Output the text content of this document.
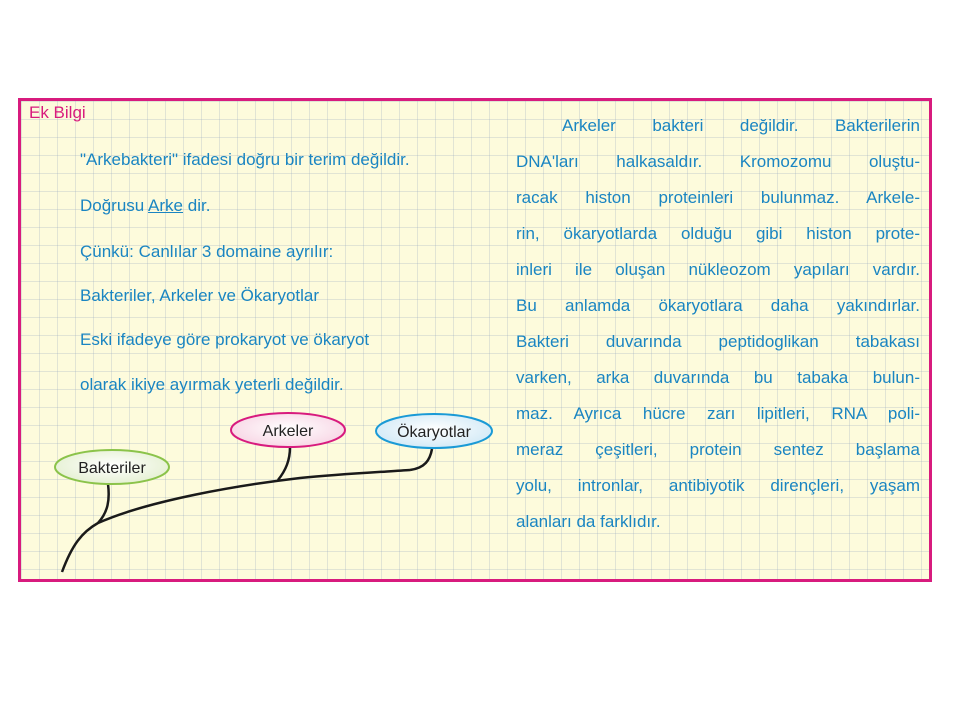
Ek Bilgi
"Arkebakteri" ifadesi doğru bir terim değildir.
Doğrusu Arke dir.
Çünkü: Canlılar 3 domaine ayrılır:
Bakteriler, Arkeler ve Ökaryotlar
Eski ifadeye göre prokaryot ve ökaryot
olarak ikiye ayırmak yeterli değildir.
Bakteriler
Arkeler	Ökaryotlar
Arkeler bakteri değildir. Bakterilerin
DNA'ları halkasaldır. Kromozomu oluştu-
racak histon proteinleri bulunmaz. Arkele-
rin, ökaryotlarda olduğu gibi histon prote-
inleri ile oluşan nükleozom yapıları vardır.
Bu anlamda ökaryotlara daha yakındırlar.
Bakteri duvarında peptidoglikan tabakası
varken, arka duvarında bu tabaka bulun-
maz. Ayrıca hücre zarı lipitleri, RNA poli-
meraz çeşitleri, protein sentez başlama
yolu, intronlar, antibiyotik dirençleri, yaşam
alanları da farklıdır.
